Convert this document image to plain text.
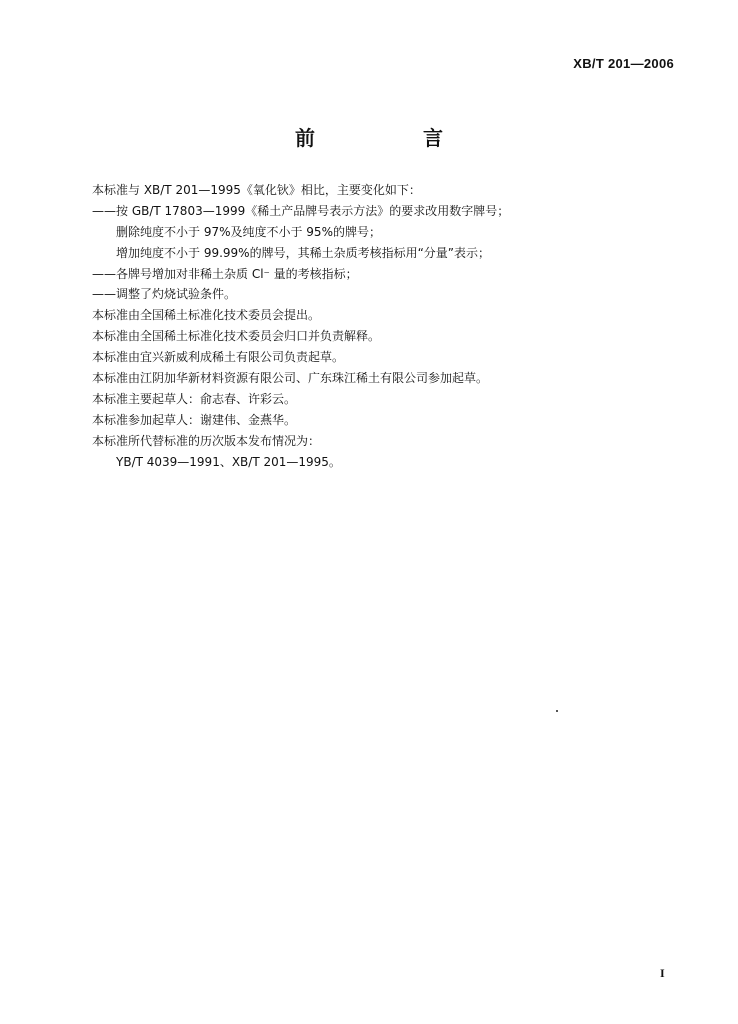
XB/T 201—2006
前　言
本标准与 XB/T 201—1995《氧化钬》相比，主要变化如下：
——按 GB/T 17803—1999《稀土产品牌号表示方法》的要求改用数字牌号；
删除纯度不小于 97%及纯度不小于 95%的牌号；
增加纯度不小于 99.99%的牌号，其稀土杂质考核指标用“分量”表示；
——各牌号增加对非稀土杂质 Cl⁻ 量的考核指标；
——调整了灼烧试验条件。
本标准由全国稀土标准化技术委员会提出。
本标准由全国稀土标准化技术委员会归口并负责解释。
本标准由宜兴新威利成稀土有限公司负责起草。
本标准由江阴加华新材料资源有限公司、广东珠江稀土有限公司参加起草。
本标准主要起草人：俞志春、许彩云。
本标准参加起草人：谢建伟、金燕华。
本标准所代替标准的历次版本发布情况为：
YB/T 4039—1991、XB/T 201—1995。
I
